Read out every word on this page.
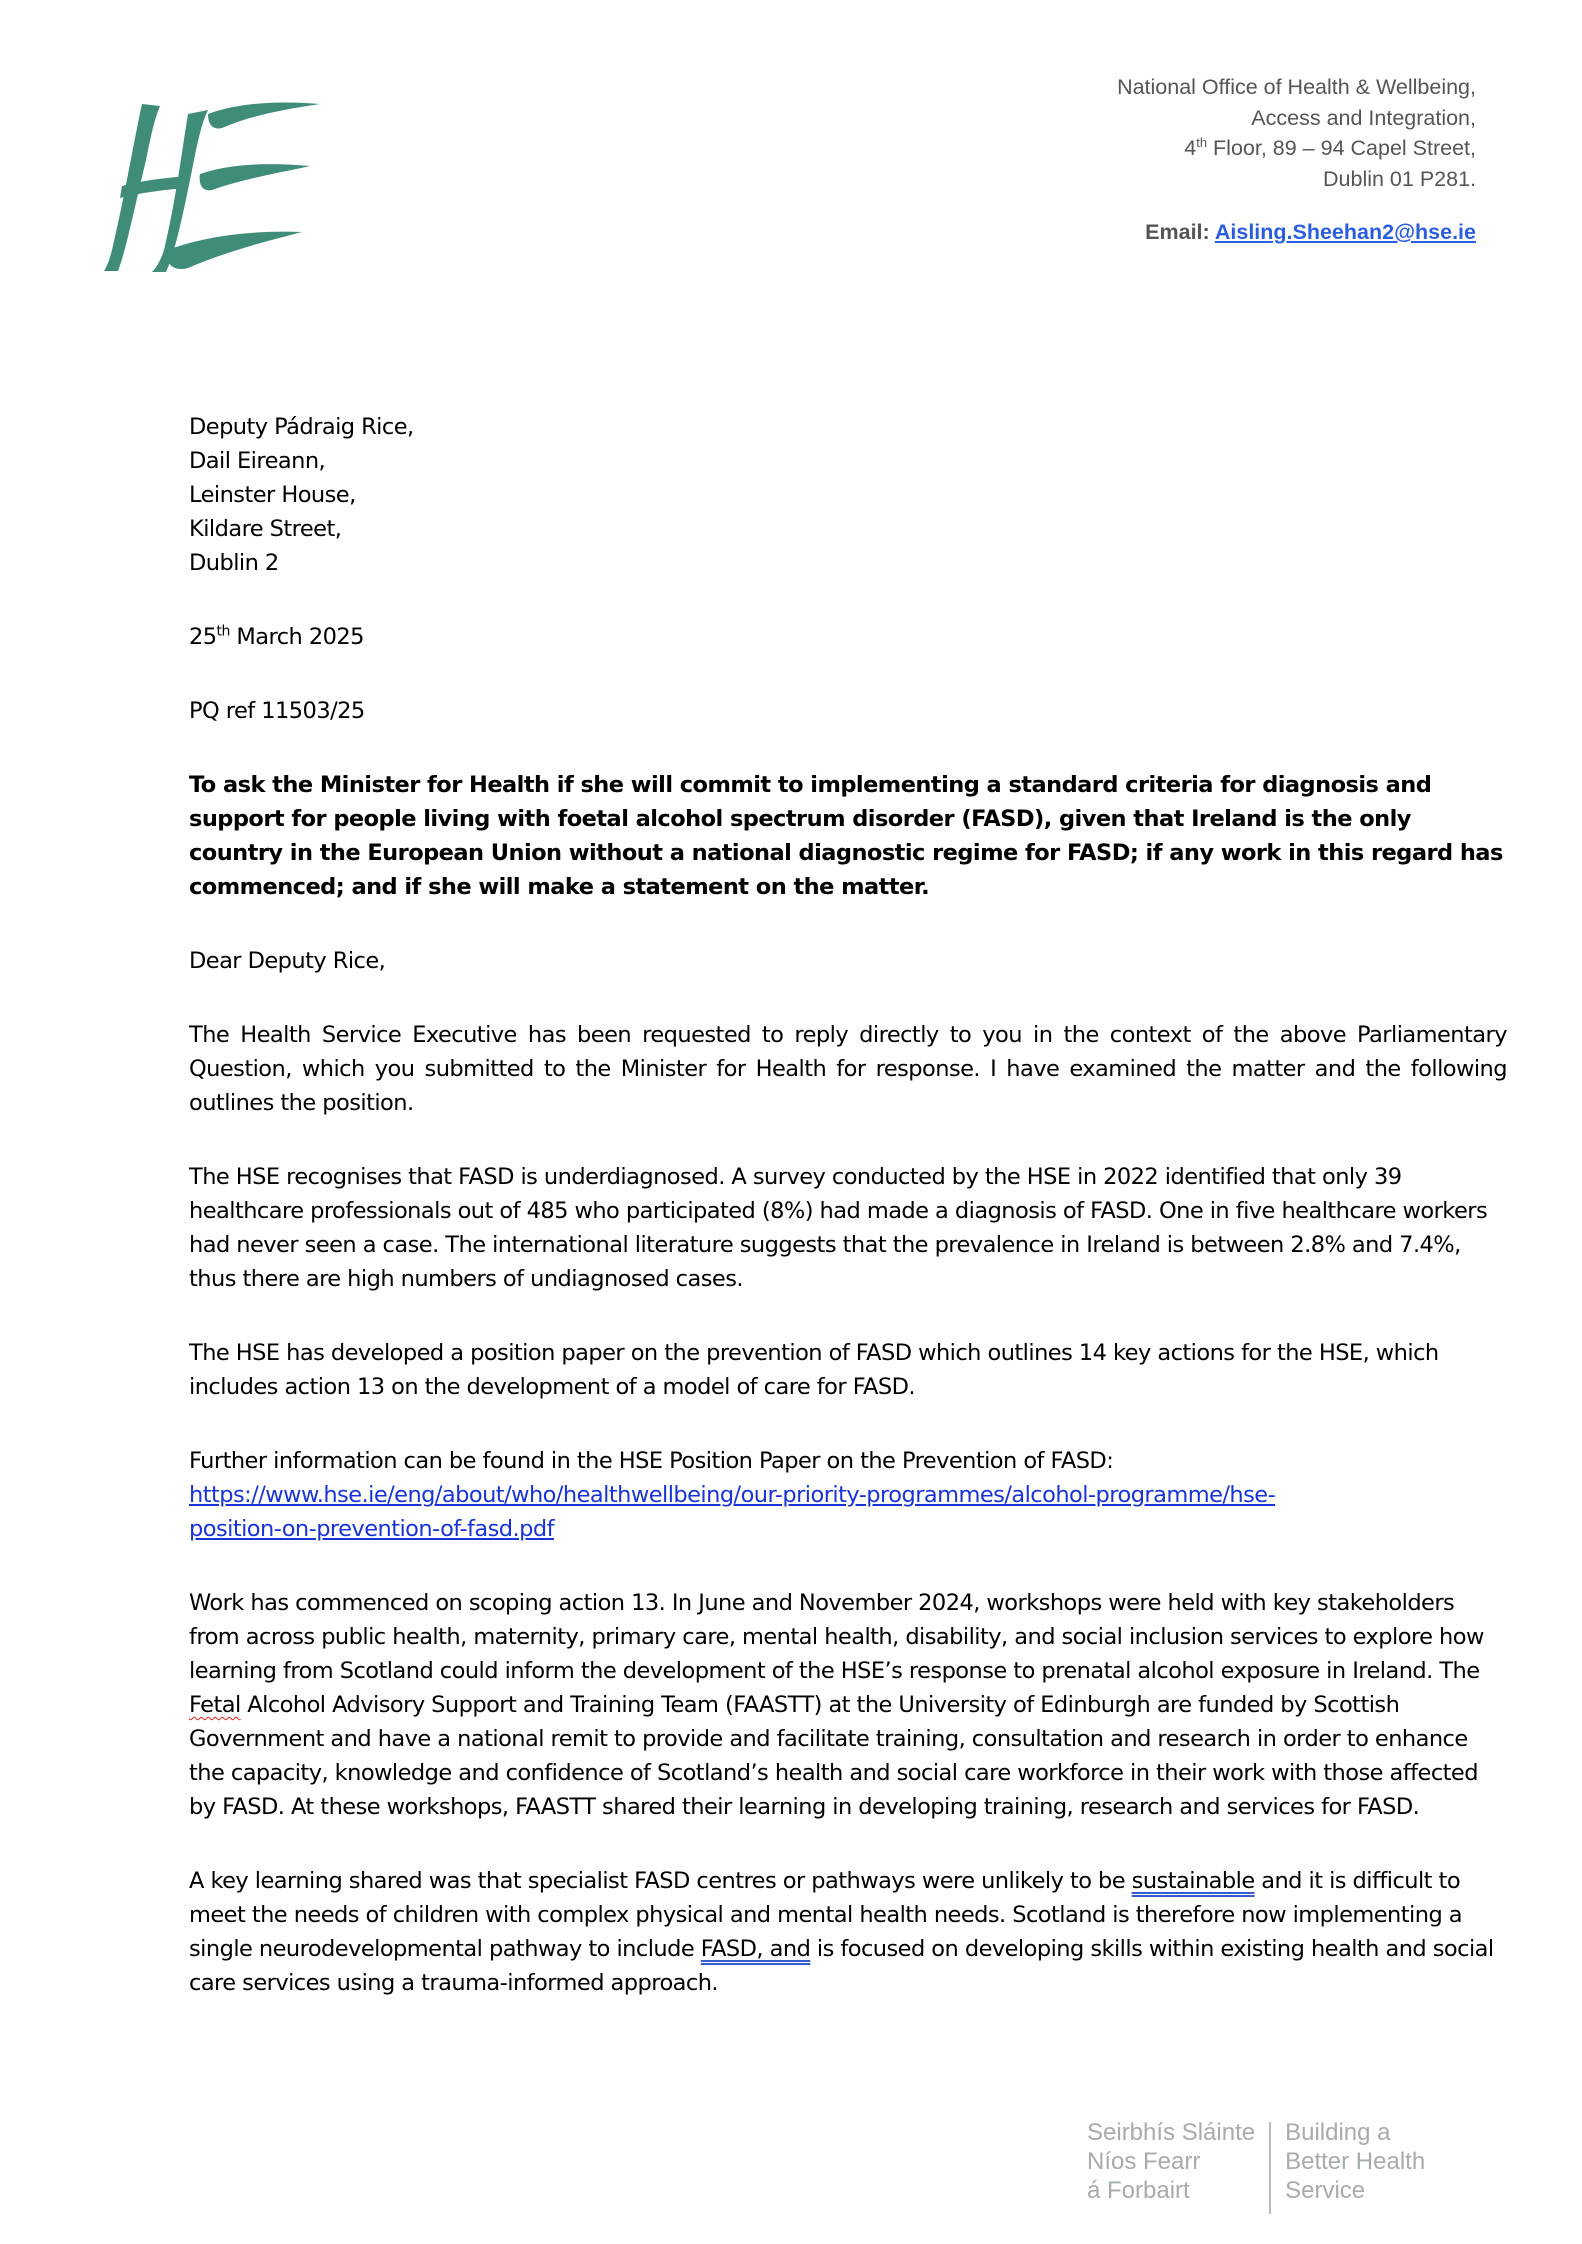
National Office of Health & Wellbeing,
Access and Integration,
4th Floor, 89 – 94 Capel Street,
Dublin 01 P281.
Email: Aisling.Sheehan2@hse.ie

Deputy Pádraig Rice,

Dail Eireann,

Leinster House,

Kildare Street,

Dublin 2

25th March 2025

PQ ref 11503/25

To ask the Minister for Health if she will commit to implementing a standard criteria for diagnosis and support for people living with foetal alcohol spectrum disorder (FASD), given that Ireland is the only country in the European Union without a national diagnostic regime for FASD; if any work in this regard has commenced; and if she will make a statement on the matter.

Dear Deputy Rice,

The Health Service Executive has been requested to reply directly to you in the context of the above Parliamentary Question, which you submitted to the Minister for Health for response. I have examined the matter and the following outlines the position.

The HSE recognises that FASD is underdiagnosed. A survey conducted by the HSE in 2022 identified that only 39 healthcare professionals out of 485 who participated (8%) had made a diagnosis of FASD. One in five healthcare workers had never seen a case. The international literature suggests that the prevalence in Ireland is between 2.8% and 7.4%, thus there are high numbers of undiagnosed cases.

The HSE has developed a position paper on the prevention of FASD which outlines 14 key actions for the HSE, which includes action 13 on the development of a model of care for FASD.

Further information can be found in the HSE Position Paper on the Prevention of FASD:
https://www.hse.ie/eng/about/who/healthwellbeing/our-priority-programmes/alcohol-programme/hse-
position-on-prevention-of-fasd.pdf

Work has commenced on scoping action 13. In June and November 2024, workshops were held with key stakeholders from across public health, maternity, primary care, mental health, disability, and social inclusion services to explore how learning from Scotland could inform the development of the HSE’s response to prenatal alcohol exposure in Ireland. The Fetal Alcohol Advisory Support and Training Team (FAASTT) at the University of Edinburgh are funded by Scottish Government and have a national remit to provide and facilitate training, consultation and research in order to enhance the capacity, knowledge and confidence of Scotland’s health and social care workforce in their work with those affected by FASD. At these workshops, FAASTT shared their learning in developing training, research and services for FASD.

A key learning shared was that specialist FASD centres or pathways were unlikely to be sustainable and it is difficult to meet the needs of children with complex physical and mental health needs. Scotland is therefore now implementing a single neurodevelopmental pathway to include FASD, and is focused on developing skills within existing health and social care services using a trauma-informed approach.

Seirbhís Sláinte
Níos Fearr
á Forbairt
Building a
Better Health
Service
